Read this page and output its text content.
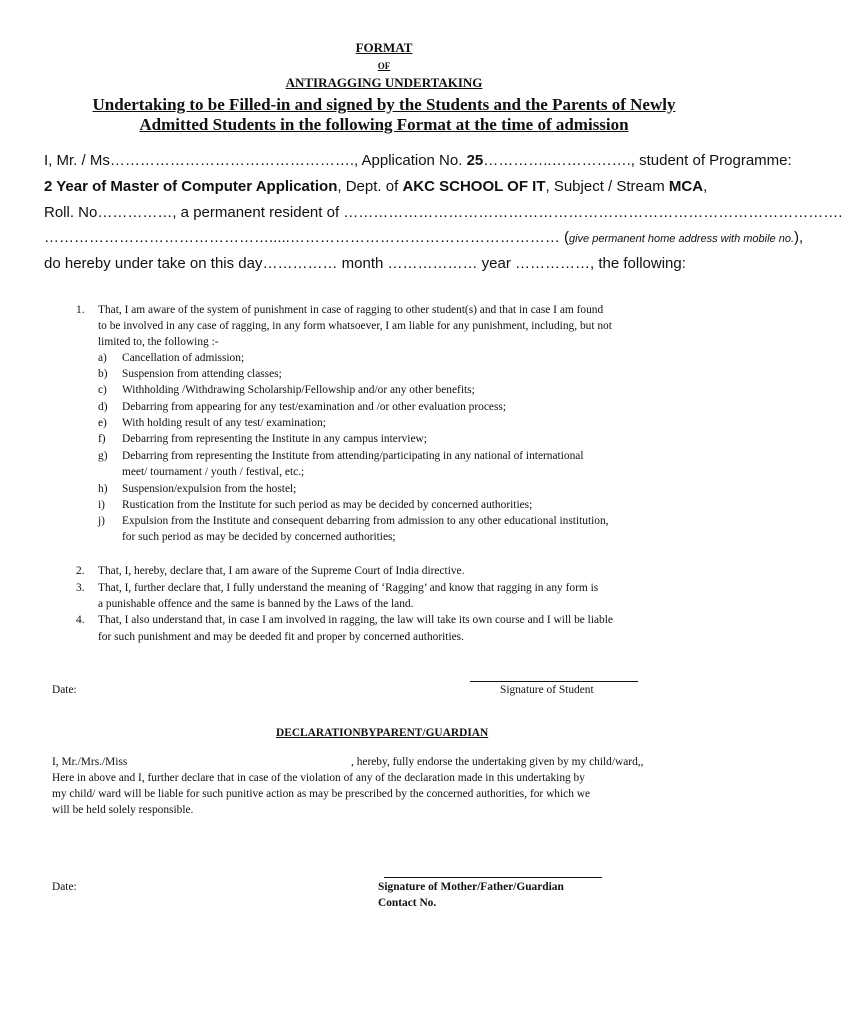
FORMAT
OF
ANTIRAGGING UNDERTAKING
Undertaking to be Filled-in and signed by the Students and the Parents of Newly
Admitted Students in the following Format at the time of admission
I, Mr. / Ms…………………………………………., Application No. 25…………..……………., student of Programme:
2 Year of Master of Computer Application, Dept. of AKC SCHOOL OF IT, Subject / Stream MCA,
Roll. No……………, a permanent resident of ……………………………………………………………………………………….
……………………………………….....……………………………………………… (give permanent home address with mobile no.),
do hereby under take on this day…………… month ……………… year ……………, the following:
1. That, I am aware of the system of punishment in case of ragging to other student(s) and that in case I am found
to be involved in any case of ragging, in any form whatsoever, I am liable for any punishment, including, but not
limited to, the following :-
a) Cancellation of admission;
b) Suspension from attending classes;
c) Withholding /Withdrawing Scholarship/Fellowship and/or any other benefits;
d) Debarring from appearing for any test/examination and /or other evaluation process;
e) With holding result of any test/ examination;
f) Debarring from representing the Institute in any campus interview;
g) Debarring from representing the Institute from attending/participating in any national of international
meet/ tournament / youth / festival, etc.;
h) Suspension/expulsion from the hostel;
i) Rustication from the Institute for such period as may be decided by concerned authorities;
j) Expulsion from the Institute and consequent debarring from admission to any other educational institution,
for such period as may be decided by concerned authorities;
2. That, I, hereby, declare that, I am aware of the Supreme Court of India directive.
3. That, I, further declare that, I fully understand the meaning of ‘Ragging’ and know that ragging in any form is
a punishable offence and the same is banned by the Laws of the land.
4. That, I also understand that, in case I am involved in ragging, the law will take its own course and I will be liable
for such punishment and may be deeded fit and proper by concerned authorities.
Date:	Signature of Student
DECLARATIONBYPARENT/GUARDIAN
I, Mr./Mrs./Miss	, hereby, fully endorse the undertaking given by my child/ward,,
Here in above and I, further declare that in case of the violation of any of the declaration made in this undertaking by
my child/ ward will be liable for such punitive action as may be prescribed by the concerned authorities, for which we
will be held solely responsible.
Date:	Signature of Mother/Father/Guardian
Contact No.
